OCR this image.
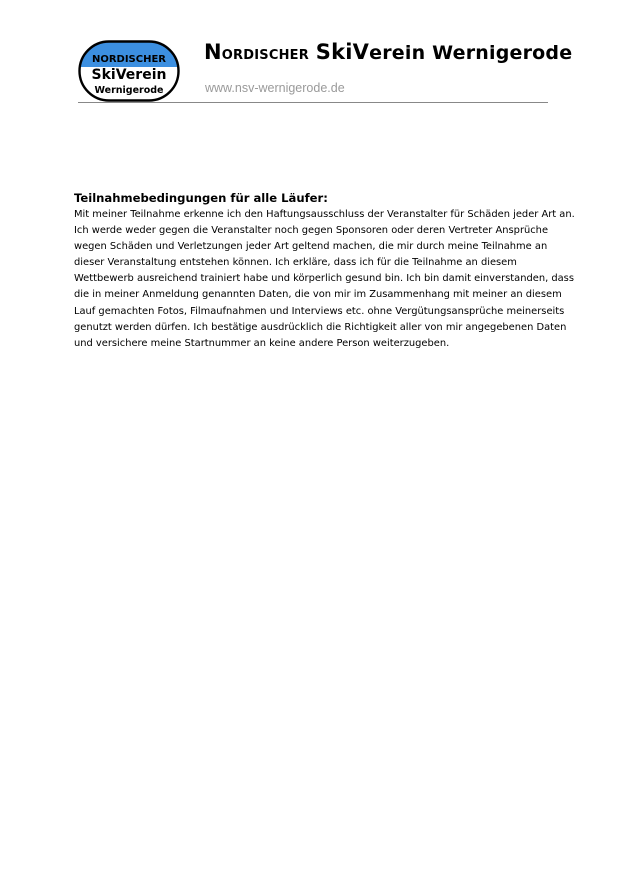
NORDISCHER
SkiVerein
Wernigerode
NORDISCHER SkiVerein Wernigerode
www.nsv-wernigerode.de

Teilnahmebedingungen für alle Läufer:

Mit meiner Teilnahme erkenne ich den Haftungsausschluss der Veranstalter für Schäden jeder Art an.
Ich werde weder gegen die Veranstalter noch gegen Sponsoren oder deren Vertreter Ansprüche
wegen Schäden und Verletzungen jeder Art geltend machen, die mir durch meine Teilnahme an
dieser Veranstaltung entstehen können. Ich erkläre, dass ich für die Teilnahme an diesem
Wettbewerb ausreichend trainiert habe und körperlich gesund bin. Ich bin damit einverstanden, dass
die in meiner Anmeldung genannten Daten, die von mir im Zusammenhang mit meiner an diesem
Lauf gemachten Fotos, Filmaufnahmen und Interviews etc. ohne Vergütungsansprüche meinerseits
genutzt werden dürfen. Ich bestätige ausdrücklich die Richtigkeit aller von mir angegebenen Daten
und versichere meine Startnummer an keine andere Person weiterzugeben.
